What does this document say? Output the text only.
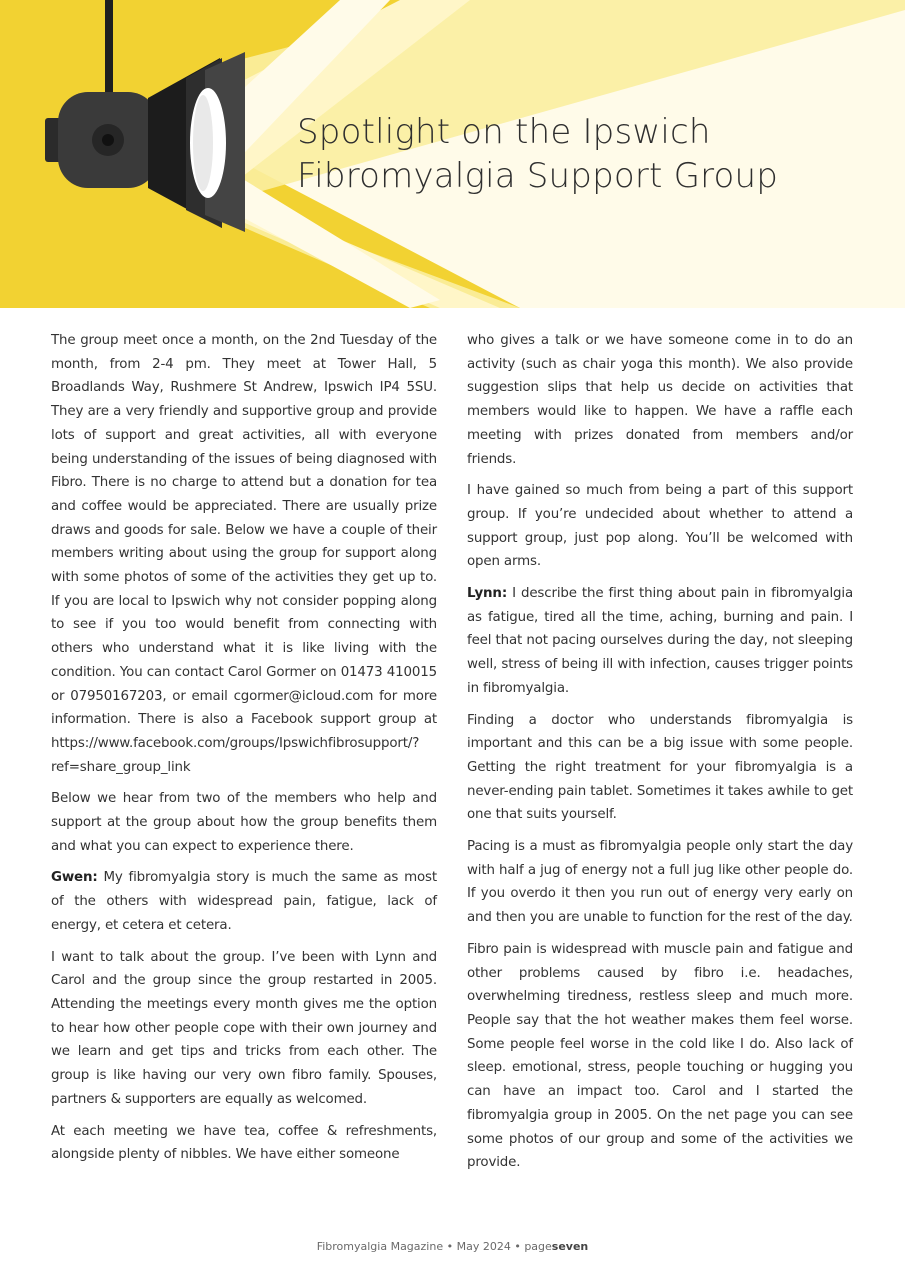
Spotlight on the Ipswich
Fibromyalgia Support Group

The group meet once a month, on the 2nd Tuesday of the month, from 2-4 pm. They meet at Tower Hall, 5 Broadlands Way, Rushmere St Andrew, Ipswich IP4 5SU. They are a very friendly and supportive group and provide lots of support and great activities, all with everyone being understanding of the issues of being diagnosed with Fibro. There is no charge to attend but a donation for tea and coffee would be appreciated. There are usually prize draws and goods for sale. Below we have a couple of their members writing about using the group for support along with some photos of some of the activities they get up to. If you are local to Ipswich why not consider popping along to see if you too would benefit from connecting with others who understand what it is like living with the condition. You can contact Carol Gormer on 01473 410015 or 07950167203, or email cgormer@icloud.com for more information. There is also a Facebook support group at https://www.facebook.com/groups/Ipswichfibrosupport/?ref=share_group_link

Below we hear from two of the members who help and support at the group about how the group benefits them and what you can expect to experience there.

Gwen: My fibromyalgia story is much the same as most of the others with widespread pain, fatigue, lack of energy, et cetera et cetera.

I want to talk about the group. I’ve been with Lynn and Carol and the group since the group restarted in 2005. Attending the meetings every month gives me the option to hear how other people cope with their own journey and we learn and get tips and tricks from each other. The group is like having our very own fibro family. Spouses, partners & supporters are equally as welcomed.

At each meeting we have tea, coffee & refreshments, alongside plenty of nibbles. We have either someone

who gives a talk or we have someone come in to do an activity (such as chair yoga this month). We also provide suggestion slips that help us decide on activities that members would like to happen. We have a raffle each meeting with prizes donated from members and/or friends.

I have gained so much from being a part of this support group. If you’re undecided about whether to attend a support group, just pop along. You’ll be welcomed with open arms.

Lynn: I describe the first thing about pain in fibromyalgia as fatigue, tired all the time, aching, burning and pain. I feel that not pacing ourselves during the day, not sleeping well, stress of being ill with infection, causes trigger points in fibromyalgia.

Finding a doctor who understands fibromyalgia is important and this can be a big issue with some people. Getting the right treatment for your fibromyalgia is a never-ending pain tablet. Sometimes it takes awhile to get one that suits yourself.

Pacing is a must as fibromyalgia people only start the day with half a jug of energy not a full jug like other people do. If you overdo it then you run out of energy very early on and then you are unable to function for the rest of the day.

Fibro pain is widespread with muscle pain and fatigue and other problems caused by fibro i.e. headaches, overwhelming tiredness, restless sleep and much more. People say that the hot weather makes them feel worse. Some people feel worse in the cold like I do. Also lack of sleep. emotional, stress, people touching or hugging you can have an impact too. Carol and I started the fibromyalgia group in 2005. On the net page you can see some photos of our group and some of the activities we provide.

Fibromyalgia Magazine • May 2024 • pageseven
